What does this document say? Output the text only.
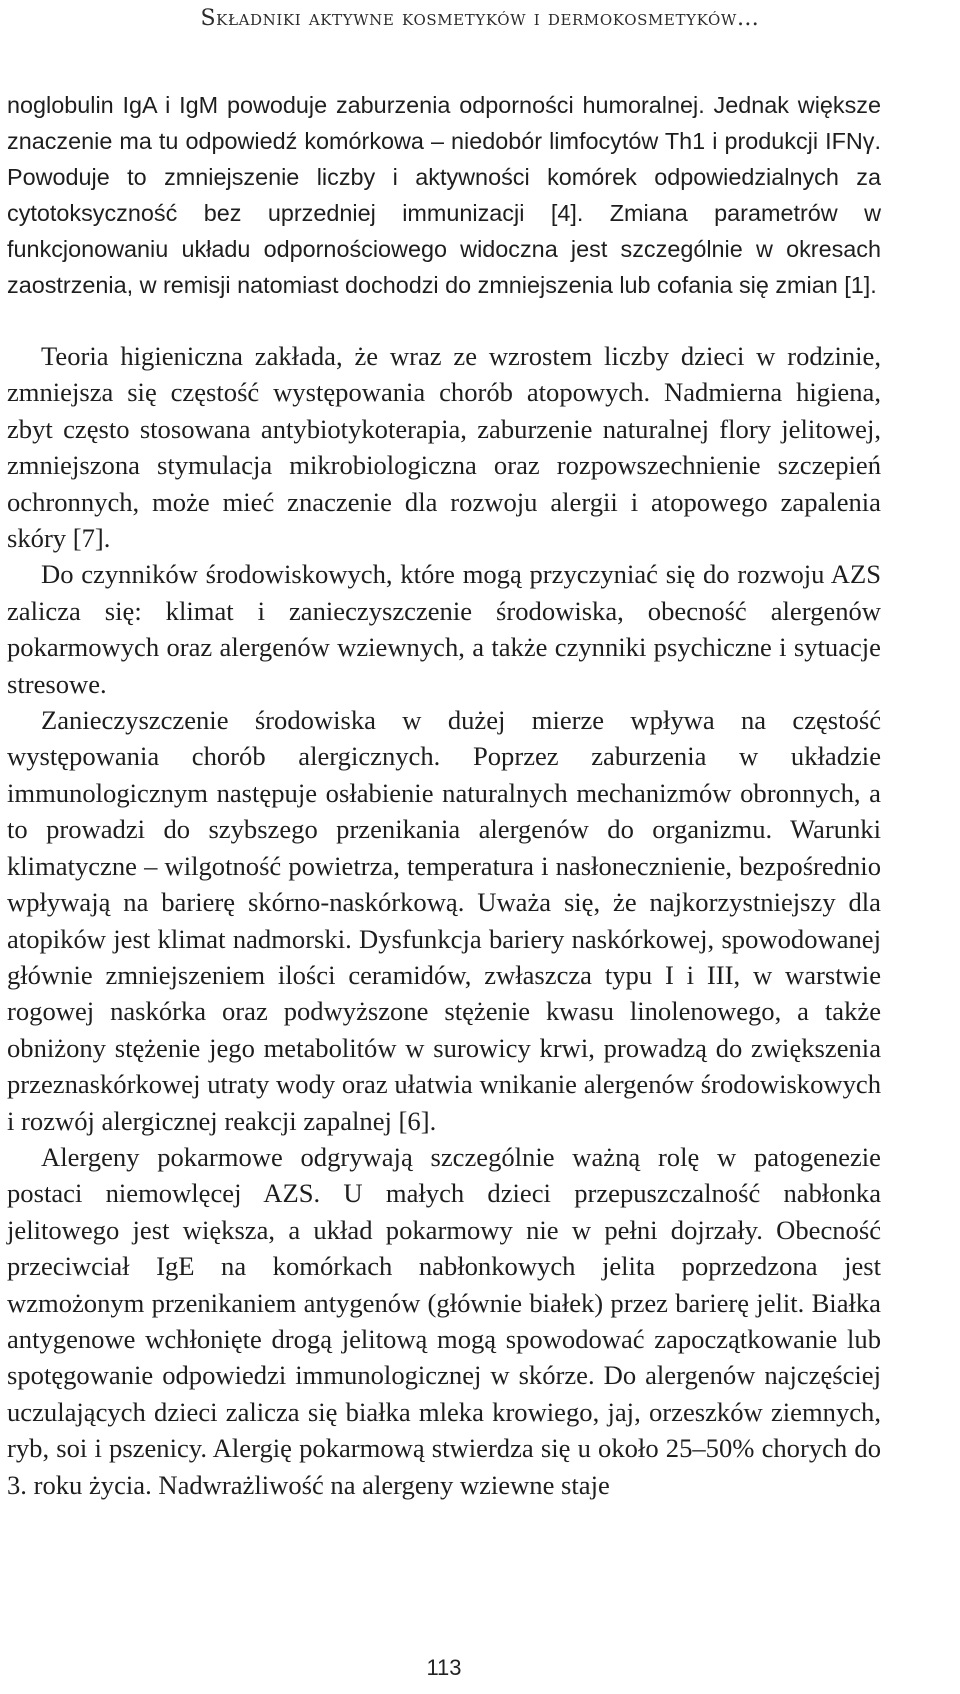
Składniki aktywne kosmetyków i dermokosmetyków…

noglobulin IgA i IgM powoduje zaburzenia odporności humoralnej. Jednak większe znaczenie ma tu odpowiedź komórkowa – niedobór limfocytów Th1 i produkcji IFNγ. Powoduje to zmniejszenie liczby i aktywności komórek odpowiedzialnych za cytotoksyczność bez uprzedniej immunizacji [4]. Zmiana parametrów w funkcjonowaniu układu odpornościowego widoczna jest szczególnie w okresach zaostrzenia, w remisji natomiast dochodzi do zmniejszenia lub cofania się zmian [1].

Teoria higieniczna zakłada, że wraz ze wzrostem liczby dzieci w rodzinie, zmniejsza się częstość występowania chorób atopowych. Nadmierna higiena, zbyt często stosowana antybiotykoterapia, zaburzenie naturalnej flory jelitowej, zmniejszona stymulacja mikrobiologiczna oraz rozpowszechnienie szczepień ochronnych, może mieć znaczenie dla rozwoju alergii i atopowego zapalenia skóry [7].

Do czynników środowiskowych, które mogą przyczyniać się do rozwoju AZS zalicza się: klimat i zanieczyszczenie środowiska, obecność alergenów pokarmowych oraz alergenów wziewnych, a także czynniki psychiczne i sytuacje stresowe.

Zanieczyszczenie środowiska w dużej mierze wpływa na częstość występowania chorób alergicznych. Poprzez zaburzenia w układzie immunologicznym następuje osłabienie naturalnych mechanizmów obronnych, a to prowadzi do szybszego przenikania alergenów do organizmu. Warunki klimatyczne – wilgotność powietrza, temperatura i nasłonecznienie, bezpośrednio wpływają na barierę skórno-naskórkową. Uważa się, że najkorzystniejszy dla atopików jest klimat nadmorski. Dysfunkcja bariery naskórkowej, spowodowanej głównie zmniejszeniem ilości ceramidów, zwłaszcza typu I i III, w warstwie rogowej naskórka oraz podwyższone stężenie kwasu linolenowego, a także obniżony stężenie jego metabolitów w surowicy krwi, prowadzą do zwiększenia przeznaskórkowej utraty wody oraz ułatwia wnikanie alergenów środowiskowych i rozwój alergicznej reakcji zapalnej [6].

Alergeny pokarmowe odgrywają szczególnie ważną rolę w patogenezie postaci niemowlęcej AZS. U małych dzieci przepuszczalność nabłonka jelitowego jest większa, a układ pokarmowy nie w pełni dojrzały. Obecność przeciwciał IgE na komórkach nabłonkowych jelita poprzedzona jest wzmożonym przenikaniem antygenów (głównie białek) przez barierę jelit. Białka antygenowe wchłonięte drogą jelitową mogą spowodować zapoczątkowanie lub spotęgowanie odpowiedzi immunologicznej w skórze. Do alergenów najczęściej uczulających dzieci zalicza się białka mleka krowiego, jaj, orzeszków ziemnych, ryb, soi i pszenicy. Alergię pokarmową stwierdza się u około 25–50% chorych do 3. roku życia. Nadwrażliwość na alergeny wziewne staje

113
